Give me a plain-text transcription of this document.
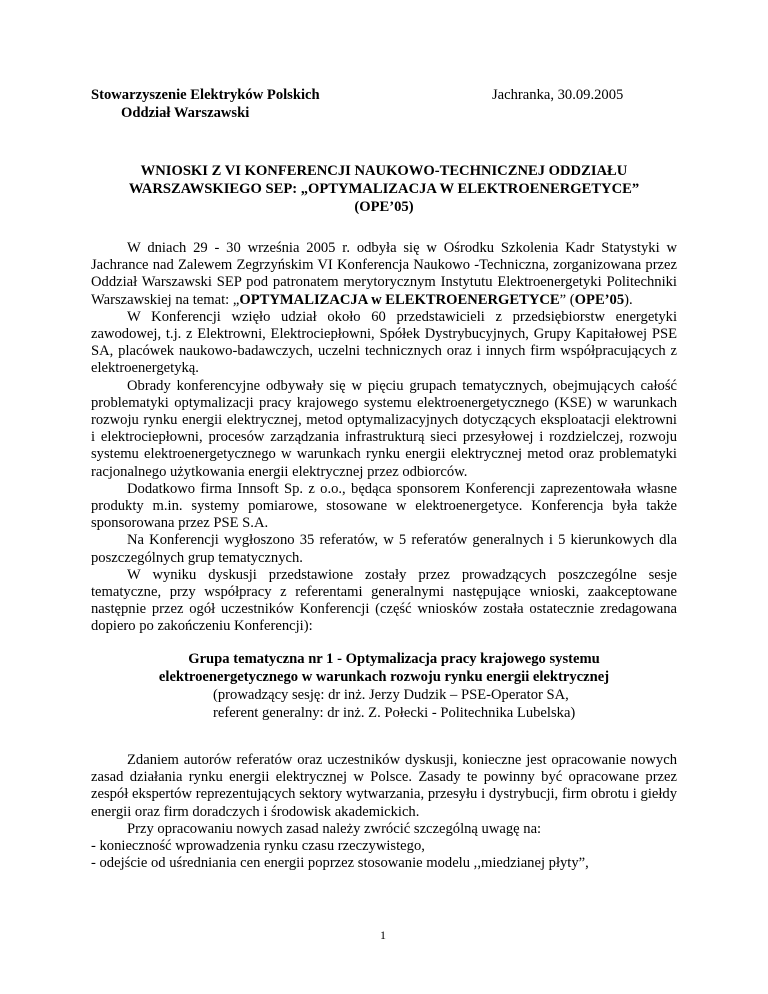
Stowarzyszenie Elektryków Polskich
Oddział Warszawski
Jachranka, 30.09.2005
WNIOSKI Z VI KONFERENCJI NAUKOWO-TECHNICZNEJ ODDZIAŁU
WARSZAWSKIEGO SEP: „OPTYMALIZACJA W ELEKTROENERGETYCE”
(OPE’05)

W dniach 29 - 30 września 2005 r. odbyła się w Ośrodku Szkolenia Kadr Statystyki w Jachrance nad Zalewem Zegrzyńskim VI Konferencja Naukowo -Techniczna, zorganizowana przez Oddział Warszawski SEP pod patronatem merytorycznym Instytutu Elektroenergetyki Politechniki Warszawskiej na temat: „OPTYMALIZACJA w ELEKTROENERGETYCE” (OPE’05).

W Konferencji wzięło udział około 60 przedstawicieli z przedsiębiorstw energetyki zawodowej, t.j. z Elektrowni, Elektrociepłowni, Spółek Dystrybucyjnych, Grupy Kapitałowej PSE SA, placówek naukowo-badawczych, uczelni technicznych oraz i innych firm współpracujących z elektroenergetyką.

Obrady konferencyjne odbywały się w pięciu grupach tematycznych, obejmujących całość problematyki optymalizacji pracy krajowego systemu elektroenergetycznego (KSE) w warunkach rozwoju rynku energii elektrycznej, metod optymalizacyjnych dotyczących eksploatacji elektrowni i elektrociepłowni, procesów zarządzania infrastrukturą sieci przesyłowej i rozdzielczej, rozwoju systemu elektroenergetycznego w warunkach rynku energii elektrycznej metod oraz problematyki racjonalnego użytkowania energii elektrycznej przez odbiorców.

Dodatkowo firma Innsoft Sp. z o.o., będąca sponsorem Konferencji zaprezentowała własne produkty m.in. systemy pomiarowe, stosowane w elektroenergetyce. Konferencja była także sponsorowana przez PSE S.A.

Na Konferencji wygłoszono 35 referatów, w 5 referatów generalnych i 5 kierunkowych dla poszczególnych grup tematycznych.

W wyniku dyskusji przedstawione zostały przez prowadzących poszczególne sesje tematyczne, przy współpracy z referentami generalnymi następujące wnioski, zaakceptowane następnie przez ogół uczestników Konferencji (część wniosków została ostatecznie zredagowana dopiero po zakończeniu Konferencji):

Grupa tematyczna nr 1 - Optymalizacja pracy krajowego systemu
elektroenergetycznego w warunkach rozwoju rynku energii elektrycznej
(prowadzący sesję: dr inż. Jerzy Dudzik – PSE-Operator SA,
referent generalny: dr inż. Z. Połecki - Politechnika Lubelska)

Zdaniem autorów referatów oraz uczestników dyskusji, konieczne jest opracowanie nowych zasad działania rynku energii elektrycznej w Polsce. Zasady te powinny być opracowane przez zespół ekspertów reprezentujących sektory wytwarzania, przesyłu i dystrybucji, firm obrotu i giełdy energii oraz firm doradczych i środowisk akademickich.

Przy opracowaniu nowych zasad należy zwrócić szczególną uwagę na:

- konieczność wprowadzenia rynku czasu rzeczywistego,

- odejście od uśredniania cen energii poprzez stosowanie modelu ,,miedzianej płyty”,

1
